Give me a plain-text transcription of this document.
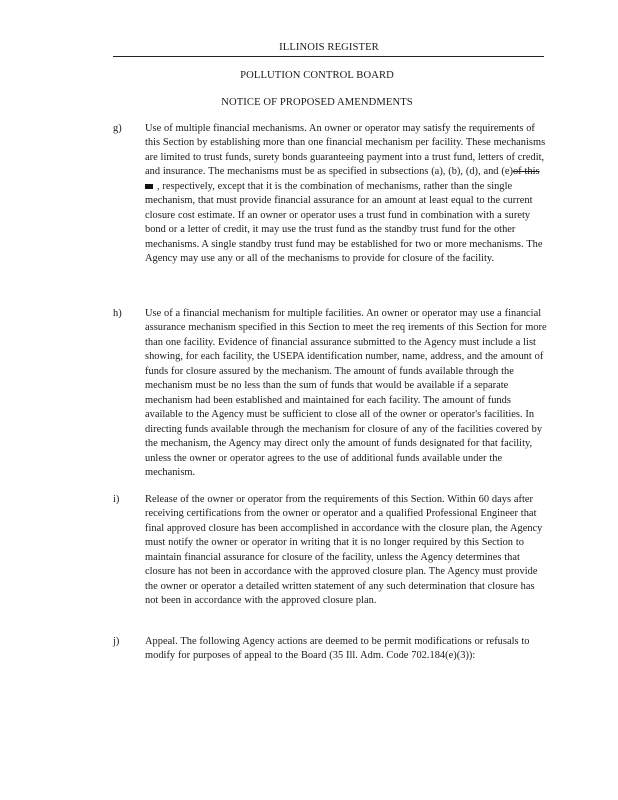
ILLINOIS REGISTER
POLLUTION CONTROL BOARD
NOTICE OF PROPOSED AMENDMENTS
g) Use of multiple financial mechanisms. An owner or operator may satisfy the requirements of this Section by establishing more than one financial mechanism per facility. These mechanisms are limited to trust funds, surety bonds guaranteeing payment into a trust fund, letters of credit, and insurance. The mechanisms must be as specified in subsections (a), (b), (d), and (e)of this , respectively, except that it is the combination of mechanisms, rather than the single mechanism, that must provide financial assurance for an amount at least equal to the current closure cost estimate. If an owner or operator uses a trust fund in combination with a surety bond or a letter of credit, it may use the trust fund as the standby trust fund for the other mechanisms. A single standby trust fund may be established for two or more mechanisms. The Agency may use any or all of the mechanisms to provide for closure of the facility.

h) Use of a financial mechanism for multiple facilities. An owner or operator may use a financial assurance mechanism specified in this Section to meet the req irements of this Section for more than one facility. Evidence of financial assurance submitted to the Agency must include a list showing, for each facility, the USEPA identification number, name, address, and the amount of funds for closure assured by the mechanism. The amount of funds available through the mechanism must be no less than the sum of funds that would be available if a separate mechanism had been established and maintained for each facility. The amount of funds available to the Agency must be sufficient to close all of the owner or operator's facilities. In directing funds available through the mechanism for closure of any of the facilities covered by the mechanism, the Agency may direct only the amount of funds designated for that facility, unless the owner or operator agrees to the use of additional funds available under the mechanism.

i) Release of the owner or operator from the requirements of this Section. Within 60 days after receiving certifications from the owner or operator and a qualified Professional Engineer that final approved closure has been accomplished in accordance with the closure plan, the Agency must notify the owner or operator in writing that it is no longer required by this Section to maintain financial assurance for closure of the facility, unless the Agency determines that closure has not been in accordance with the approved closure plan. The Agency must provide the owner or operator a detailed written statement of any such determination that closure has not been in accordance with the approved closure plan.

j) Appeal. The following Agency actions are deemed to be permit modifications or refusals to modify for purposes of appeal to the Board (35 Ill. Adm. Code 702.184(e)(3)):
